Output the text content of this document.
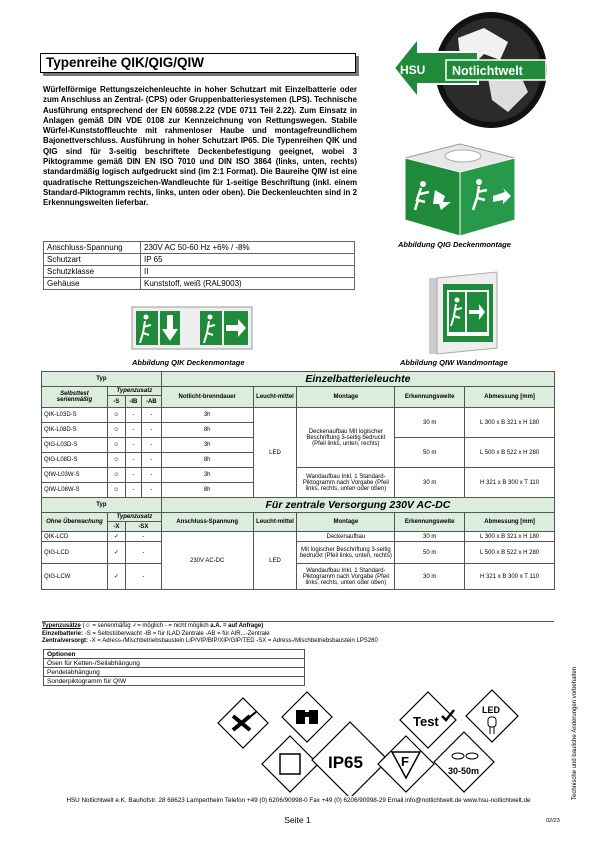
Typenreihe QIK/QIG/QIW	HSU Notlichtwelt
Würfelförmige Rettungszeichenleuchte in hoher Schutzart mit Einzelbatterie oder zum Anschluss an Zentral- (CPS) oder Gruppenbatteriesystemen (LPS). Technische Ausführung entsprechend der EN 60598.2.22 (VDE 0711 Teil 2.22). Zum Einsatz in Anlagen gemäß DIN VDE 0108 zur Kennzeichnung von Rettungswegen. Stabile Würfel-Kunststoffleuchte mit rahmenloser Haube und montagefreundlichem Bajonettverschluss. Ausführung in hoher Schutzart IP65. Die Typenreihen QIK und QIG sind für 3-seitig beschriftete Deckenbefestigung geeignet, wobei 3 Piktogramme gemäß DIN EN ISO 7010 und DIN ISO 3864 (links, unten, rechts) standardmäßig logisch aufgedruckt sind (im 2:1 Format). Die Baureihe QIW ist eine quadratische Rettungszeichen-Wandleuchte für 1-seitige Beschriftung (inkl. einem Standard-Piktogramm rechts, links, unten oder oben). Die Deckenleuchten sind in 2 Erkennungsweiten lieferbar.
Anschluss-Spannung	230V AC 50-60 Hz +6% / -8%
Schutzart	IP 65
Schutzklasse	II
Gehäuse	Kunststoff, weiß (RAL9003)
Abbildung QIG Deckenmontage
Abbildung QIW Wandmontage
Abbildung QIK Deckenmontage
Typ				Einzelbatterieleuchte				
Selbsttest serienmäßig	Typenzusatz			Notlicht-brenndauer	Leucht-mittel	Montage	Erkennungsweite	Abmessung [mm]
	-S	-IB	-AB					
QIK-L03D-S	☺	-	-	3h	LED	Deckenaufbau Mit logischer Beschriftung 3-seitig bedruckt (Pfeil links, unten, rechts)	30 m	L 300 x B 321 x H 180
QIK-L08D-S	☺	-	-	8h				
QIG-L03D-S	☺	-	-	3h			50 m	L 500 x B 522 x H 280
QIG-L08D-S	☺	-	-	8h				
QIW-L03W-S	☺	-	-	3h		Wandaufbau Inkl. 1 Standard-Piktogramm nach Vorgabe (Pfeil links, rechts, unten oder oben)	30 m	H 321 x B 300 x T 110
QIW-L08W-S	☺	-	-	8h				
Typ				Für zentrale Versorgung 230V AC-DC				
Ohne Überwachung	Typenzusatz			Anschluss-Spannung	Leucht-mittel	Montage	Erkennungsweite	Abmessung [mm]
	-X	-SX						
QIK-LCD	✓	-		230V AC-DC	LED	Deckenaufbau	30 m	L 300 x B 321 x H 180
QIG-LCD	✓	-				Mit logischer Beschriftung 3-seitig bedruckt (Pfeil links, unten, rechts)	50 m	L 500 x B 522 x H 280
QIG-LCW	✓	-				Wandaufbau Inkl. 1 Standard-Piktogramm nach Vorgabe (Pfeil links, rechts, unten oder oben)	30 m	H 321 x B 300 x T 110
Typenzusätze (☺ = serienmäßig ✓= möglich - = nicht möglich a.A. = auf Anfrage)
Einzelbatterie: -S = Selbstüberwacht -IB = für ILAD Zentrale -AB = für AIR...-Zentrale
Zentralversorgt: -X = Adress-/Mischbetriebsbaustein LIP/VIP/BIP/XIP/GIP/TED -SX = Adress-/Mischbetriebsbaustein LPS260
Optionen
Ösen für Ketten-/Seilabhängung
Pendelabhängung
Sonderpiktogramm für QIW
Test
LED
IP65	F
30-50m
HSU Notlichtwelt e.K. Bauhofstr. 28 68623 Lampertheim Telefon +49 (0) 6206/90998-0 Fax +49 (0) 6206/90998-29 Email info@notlichtwelt.de www.hsu-notlichtwelt.de
Seite 1	02/23
Technische und bauliche Änderungen vorbehalten
